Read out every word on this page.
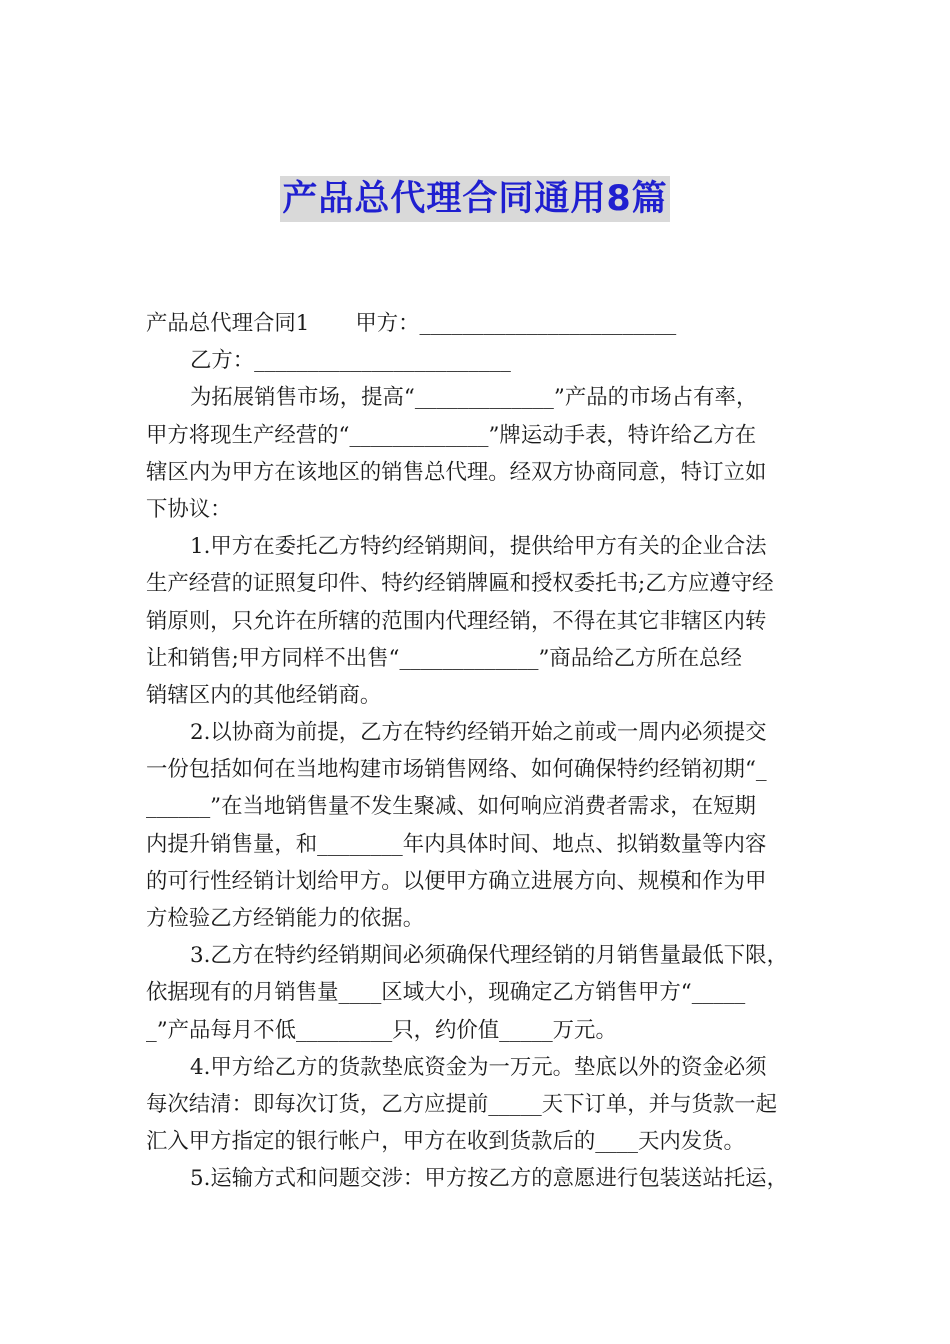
产品总代理合同通用8篇
产品总代理合同1 甲方：________________________
乙方：________________________
为拓展销售市场，提高“_____________”产品的市场占有率，
甲方将现生产经营的“_____________”牌运动手表，特许给乙方在
辖区内为甲方在该地区的销售总代理。经双方协商同意，特订立如
下协议：
1.甲方在委托乙方特约经销期间，提供给甲方有关的企业合法
生产经营的证照复印件、特约经销牌匾和授权委托书;乙方应遵守经
销原则，只允许在所辖的范围内代理经销，不得在其它非辖区内转
让和销售;甲方同样不出售“_____________”商品给乙方所在总经
销辖区内的其他经销商。
2.以协商为前提，乙方在特约经销开始之前或一周内必须提交
一份包括如何在当地构建市场销售网络、如何确保特约经销初期“_
______”在当地销售量不发生聚减、如何响应消费者需求，在短期
内提升销售量，和________年内具体时间、地点、拟销数量等内容
的可行性经销计划给甲方。以便甲方确立进展方向、规模和作为甲
方检验乙方经销能力的依据。
3.乙方在特约经销期间必须确保代理经销的月销售量最低下限，
依据现有的月销售量____区域大小，现确定乙方销售甲方“_____
_”产品每月不低_________只，约价值_____万元。
4.甲方给乙方的货款垫底资金为一万元。垫底以外的资金必须
每次结清：即每次订货，乙方应提前_____天下订单，并与货款一起
汇入甲方指定的银行帐户，甲方在收到货款后的____天内发货。
5.运输方式和问题交涉：甲方按乙方的意愿进行包装送站托运，
